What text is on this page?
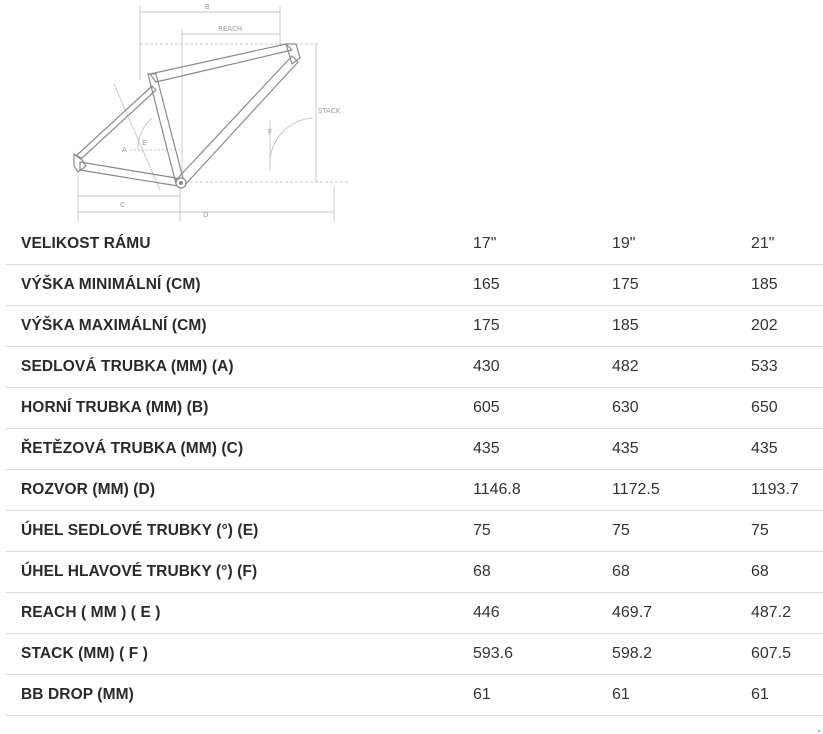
B
REACH
STACK
A
E
F
C
D
VELIKOST RÁMU	17"	19"	21"
VÝŠKA MINIMÁLNÍ (CM)	165	175	185
VÝŠKA MAXIMÁLNÍ (CM)	175	185	202
SEDLOVÁ TRUBKA (MM) (A)	430	482	533
HORNÍ TRUBKA (MM) (B)	605	630	650
ŘETĚZOVÁ TRUBKA (MM) (C)	435	435	435
ROZVOR (MM) (D)	1146.8	1172.5	1193.7
ÚHEL SEDLOVÉ TRUBKY (°) (E)	75	75	75
ÚHEL HLAVOVÉ TRUBKY (°) (F)	68	68	68
REACH ( MM ) ( E )	446	469.7	487.2
STACK (MM) ( F )	593.6	598.2	607.5
BB DROP (MM)	61	61	61
